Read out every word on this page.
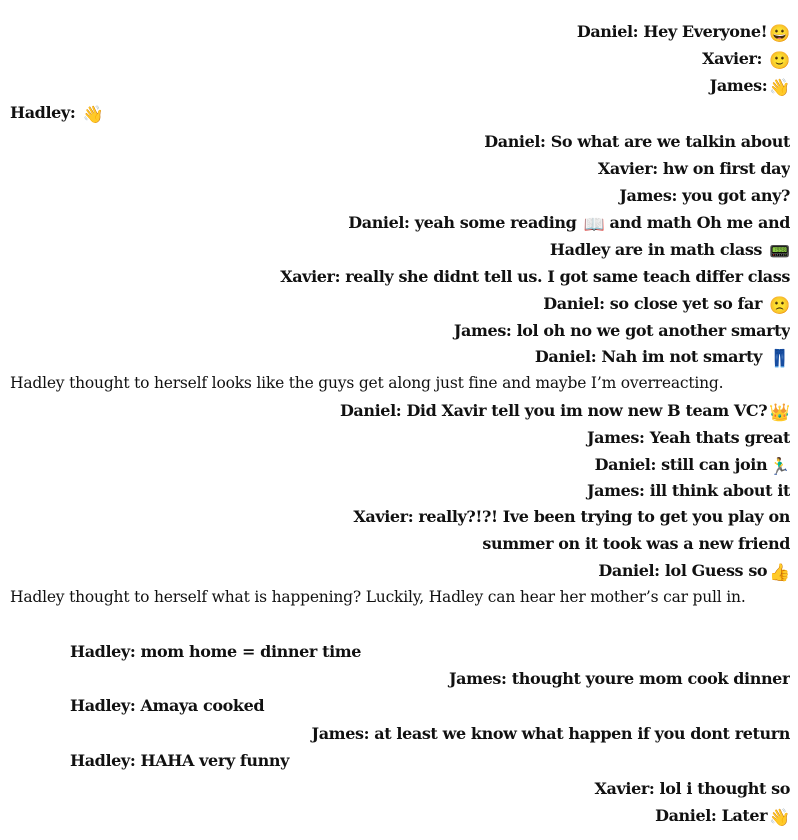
Daniel: Hey Everyone! 😀
Xavier: 🙂
James: 👋
Hadley: 👋
Daniel: So what are we talkin about
Xavier: hw on first day
James: you got any?
Daniel: yeah some reading 📖 and math Oh me and
Hadley are in math class 📟
Xavier: really she didnt tell us. I got same teach differ class
Daniel: so close yet so far 🙁
James: lol oh no we got another smarty
Daniel: Nah im not smarty 👖
Hadley thought to herself looks like the guys get along just fine and maybe I’m overreacting.
Daniel: Did Xavir tell you im now new B team VC? 👑
James: Yeah thats great
Daniel: still can join 🏃‍♂
James: ill think about it
Xavier: really?!?! Ive been trying to get you play on
summer on it took was a new friend
Daniel: lol Guess so 👍
Hadley thought to herself what is happening? Luckily, Hadley can hear her mother’s car pull in.
Hadley: mom home = dinner time
James: thought youre mom cook dinner
Hadley: Amaya cooked
James: at least we know what happen if you dont return
Hadley: HAHA very funny
Xavier: lol i thought so
Daniel: Later 👋
